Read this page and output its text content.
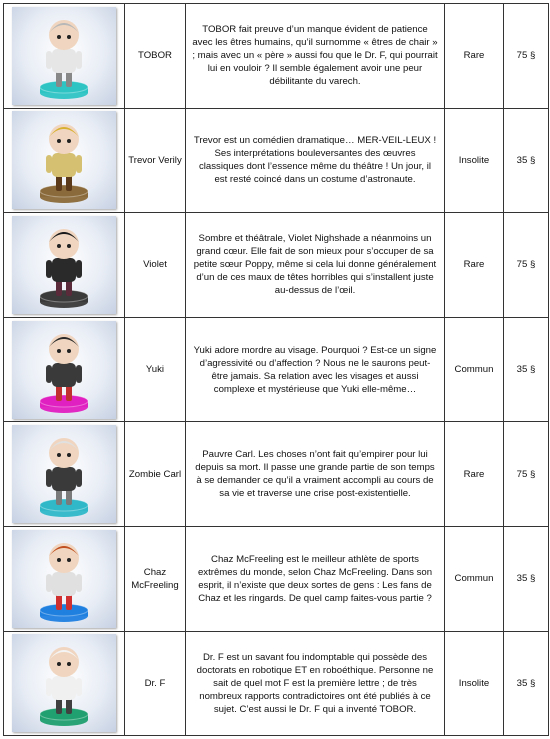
	TOBOR	TOBOR fait preuve d’un manque évident de patience avec les êtres humains, qu’il surnomme « êtres de chair » ; mais avec un « père » aussi fou que le Dr. F, qui pourrait lui en vouloir ? Il semble également avoir une peur débilitante du varech.	Rare	75 §

	Trevor Verily	Trevor est un comédien dramatique… MER-VEIL-LEUX ! Ses interprétations bouleversantes des œuvres classiques dont l’essence même du théâtre ! Un jour, il est resté coincé dans un costume d’astronaute.	Insolite	35 §

	Violet	Sombre et théâtrale, Violet Nighshade a néanmoins un grand cœur. Elle fait de son mieux pour s’occuper de sa petite sœur Poppy, même si cela lui donne généralement d’un de ces maux de têtes horribles qui s’installent juste au-dessus de l’œil.	Rare	75 §

	Yuki	Yuki adore mordre au visage. Pourquoi ? Est-ce un signe d’agressivité ou d’affection ? Nous ne le saurons peut-être jamais. Sa relation avec les visages et aussi complexe et mystérieuse que Yuki elle-même…	Commun	35 §

	Zombie Carl	Pauvre Carl. Les choses n’ont fait qu’empirer pour lui depuis sa mort. Il passe une grande partie de son temps à se demander ce qu’il a vraiment accompli au cours de sa vie et traverse une crise post-existentielle.	Rare	75 §

	Chaz McFreeling	Chaz McFreeling est le meilleur athlète de sports extrêmes du monde, selon Chaz McFreeling. Dans son esprit, il n’existe que deux sortes de gens : Les fans de Chaz et les ringards. De quel camp faites-vous partie ?	Commun	35 §

	Dr. F	Dr. F est un savant fou indomptable qui possède des doctorats en robotique ET en roboéthique. Personne ne sait de quel mot F est la première lettre ; de très nombreux rapports contradictoires ont été publiés à ce sujet. C’est aussi le Dr. F qui a inventé TOBOR.	Insolite	35 §
